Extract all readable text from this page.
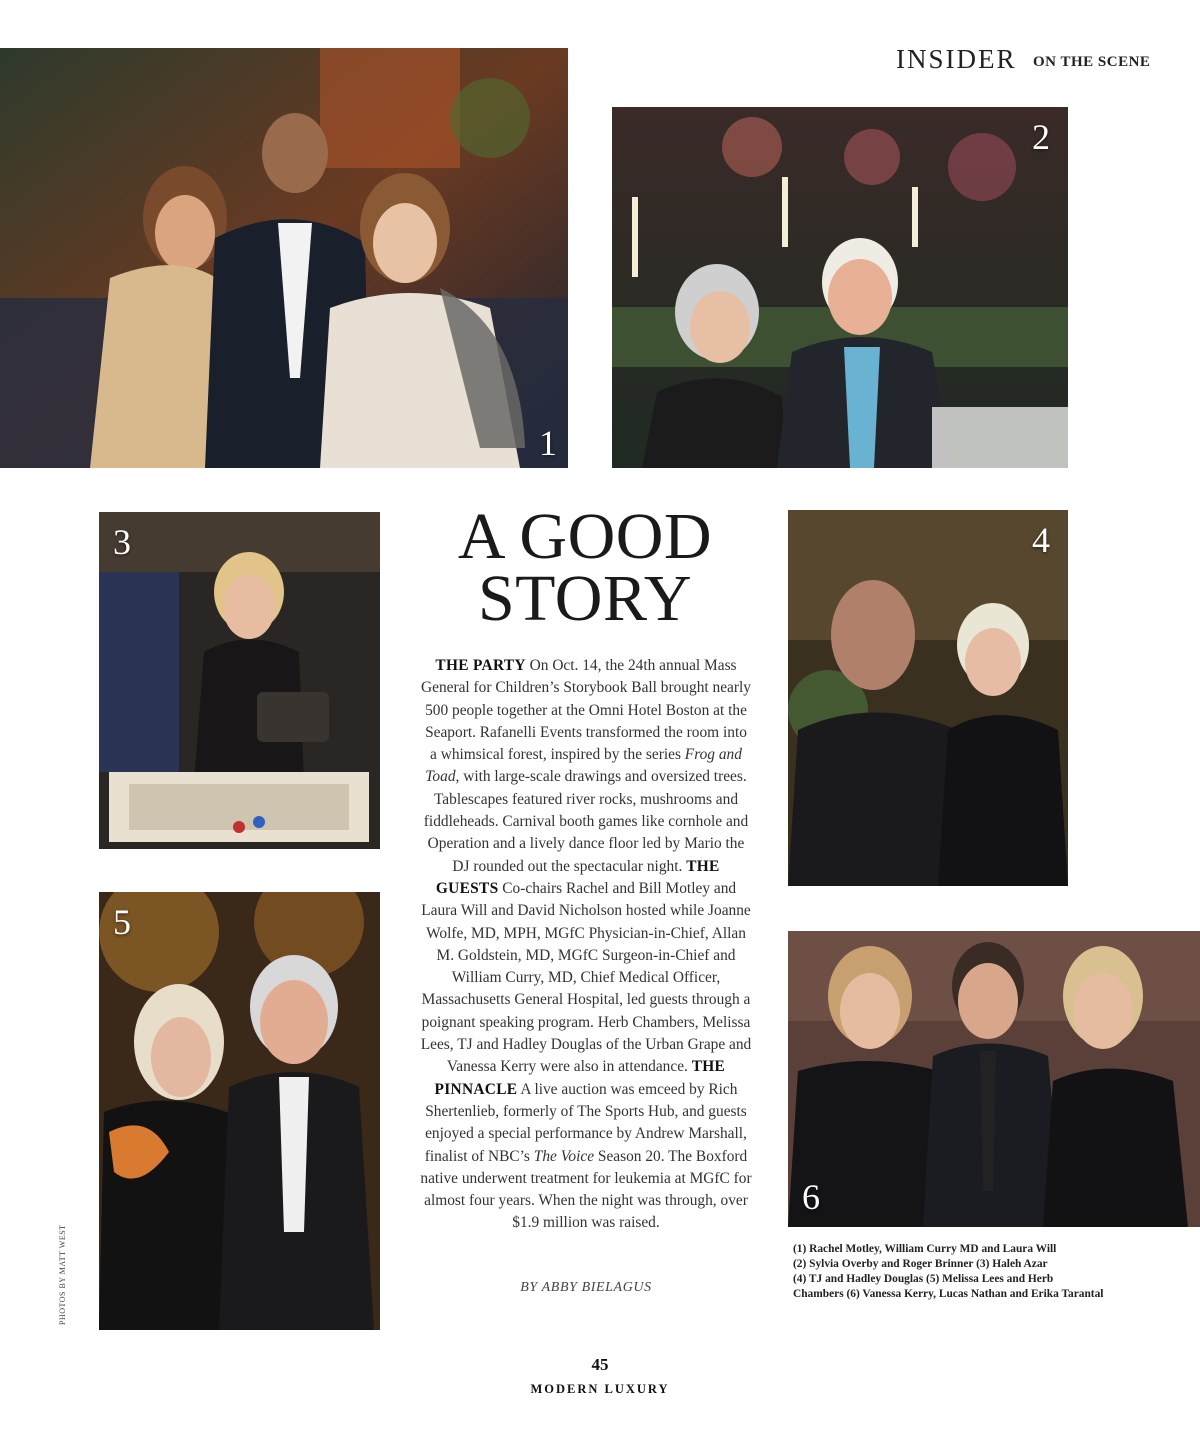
INSIDER ON THE SCENE
1
2
3	4
5
6
A GOOD
STORY
THE PARTY On Oct. 14, the 24th annual Mass General for Children’s Storybook Ball brought nearly 500 people together at the Omni Hotel Boston at the Seaport. Rafanelli Events transformed the room into a whimsical forest, inspired by the series Frog and Toad, with large-scale drawings and oversized trees. Tablescapes featured river rocks, mushrooms and fiddleheads. Carnival booth games like cornhole and Operation and a lively dance floor led by Mario the DJ rounded out the spectacular night. THE GUESTS Co-chairs Rachel and Bill Motley and Laura Will and David Nicholson hosted while Joanne Wolfe, MD, MPH, MGfC Physician-in-Chief, Allan M. Goldstein, MD, MGfC Surgeon-in-Chief and William Curry, MD, Chief Medical Officer, Massachusetts General Hospital, led guests through a poignant speaking program. Herb Chambers, Melissa Lees, TJ and Hadley Douglas of the Urban Grape and Vanessa Kerry were also in attendance. THE PINNACLE A live auction was emceed by Rich Shertenlieb, formerly of The Sports Hub, and guests enjoyed a special performance by Andrew Marshall, finalist of NBC’s The Voice Season 20. The Boxford native underwent treatment for leukemia at MGfC for almost four years. When the night was through, over $1.9 million was raised.
BY ABBY BIELAGUS
(1) Rachel Motley, William Curry MD and Laura Will
(2) Sylvia Overby and Roger Brinner (3) Haleh Azar
(4) TJ and Hadley Douglas (5) Melissa Lees and Herb
Chambers (6) Vanessa Kerry, Lucas Nathan and Erika Tarantal
PHOTOS BY MATT WEST
45
MODERN LUXURY
